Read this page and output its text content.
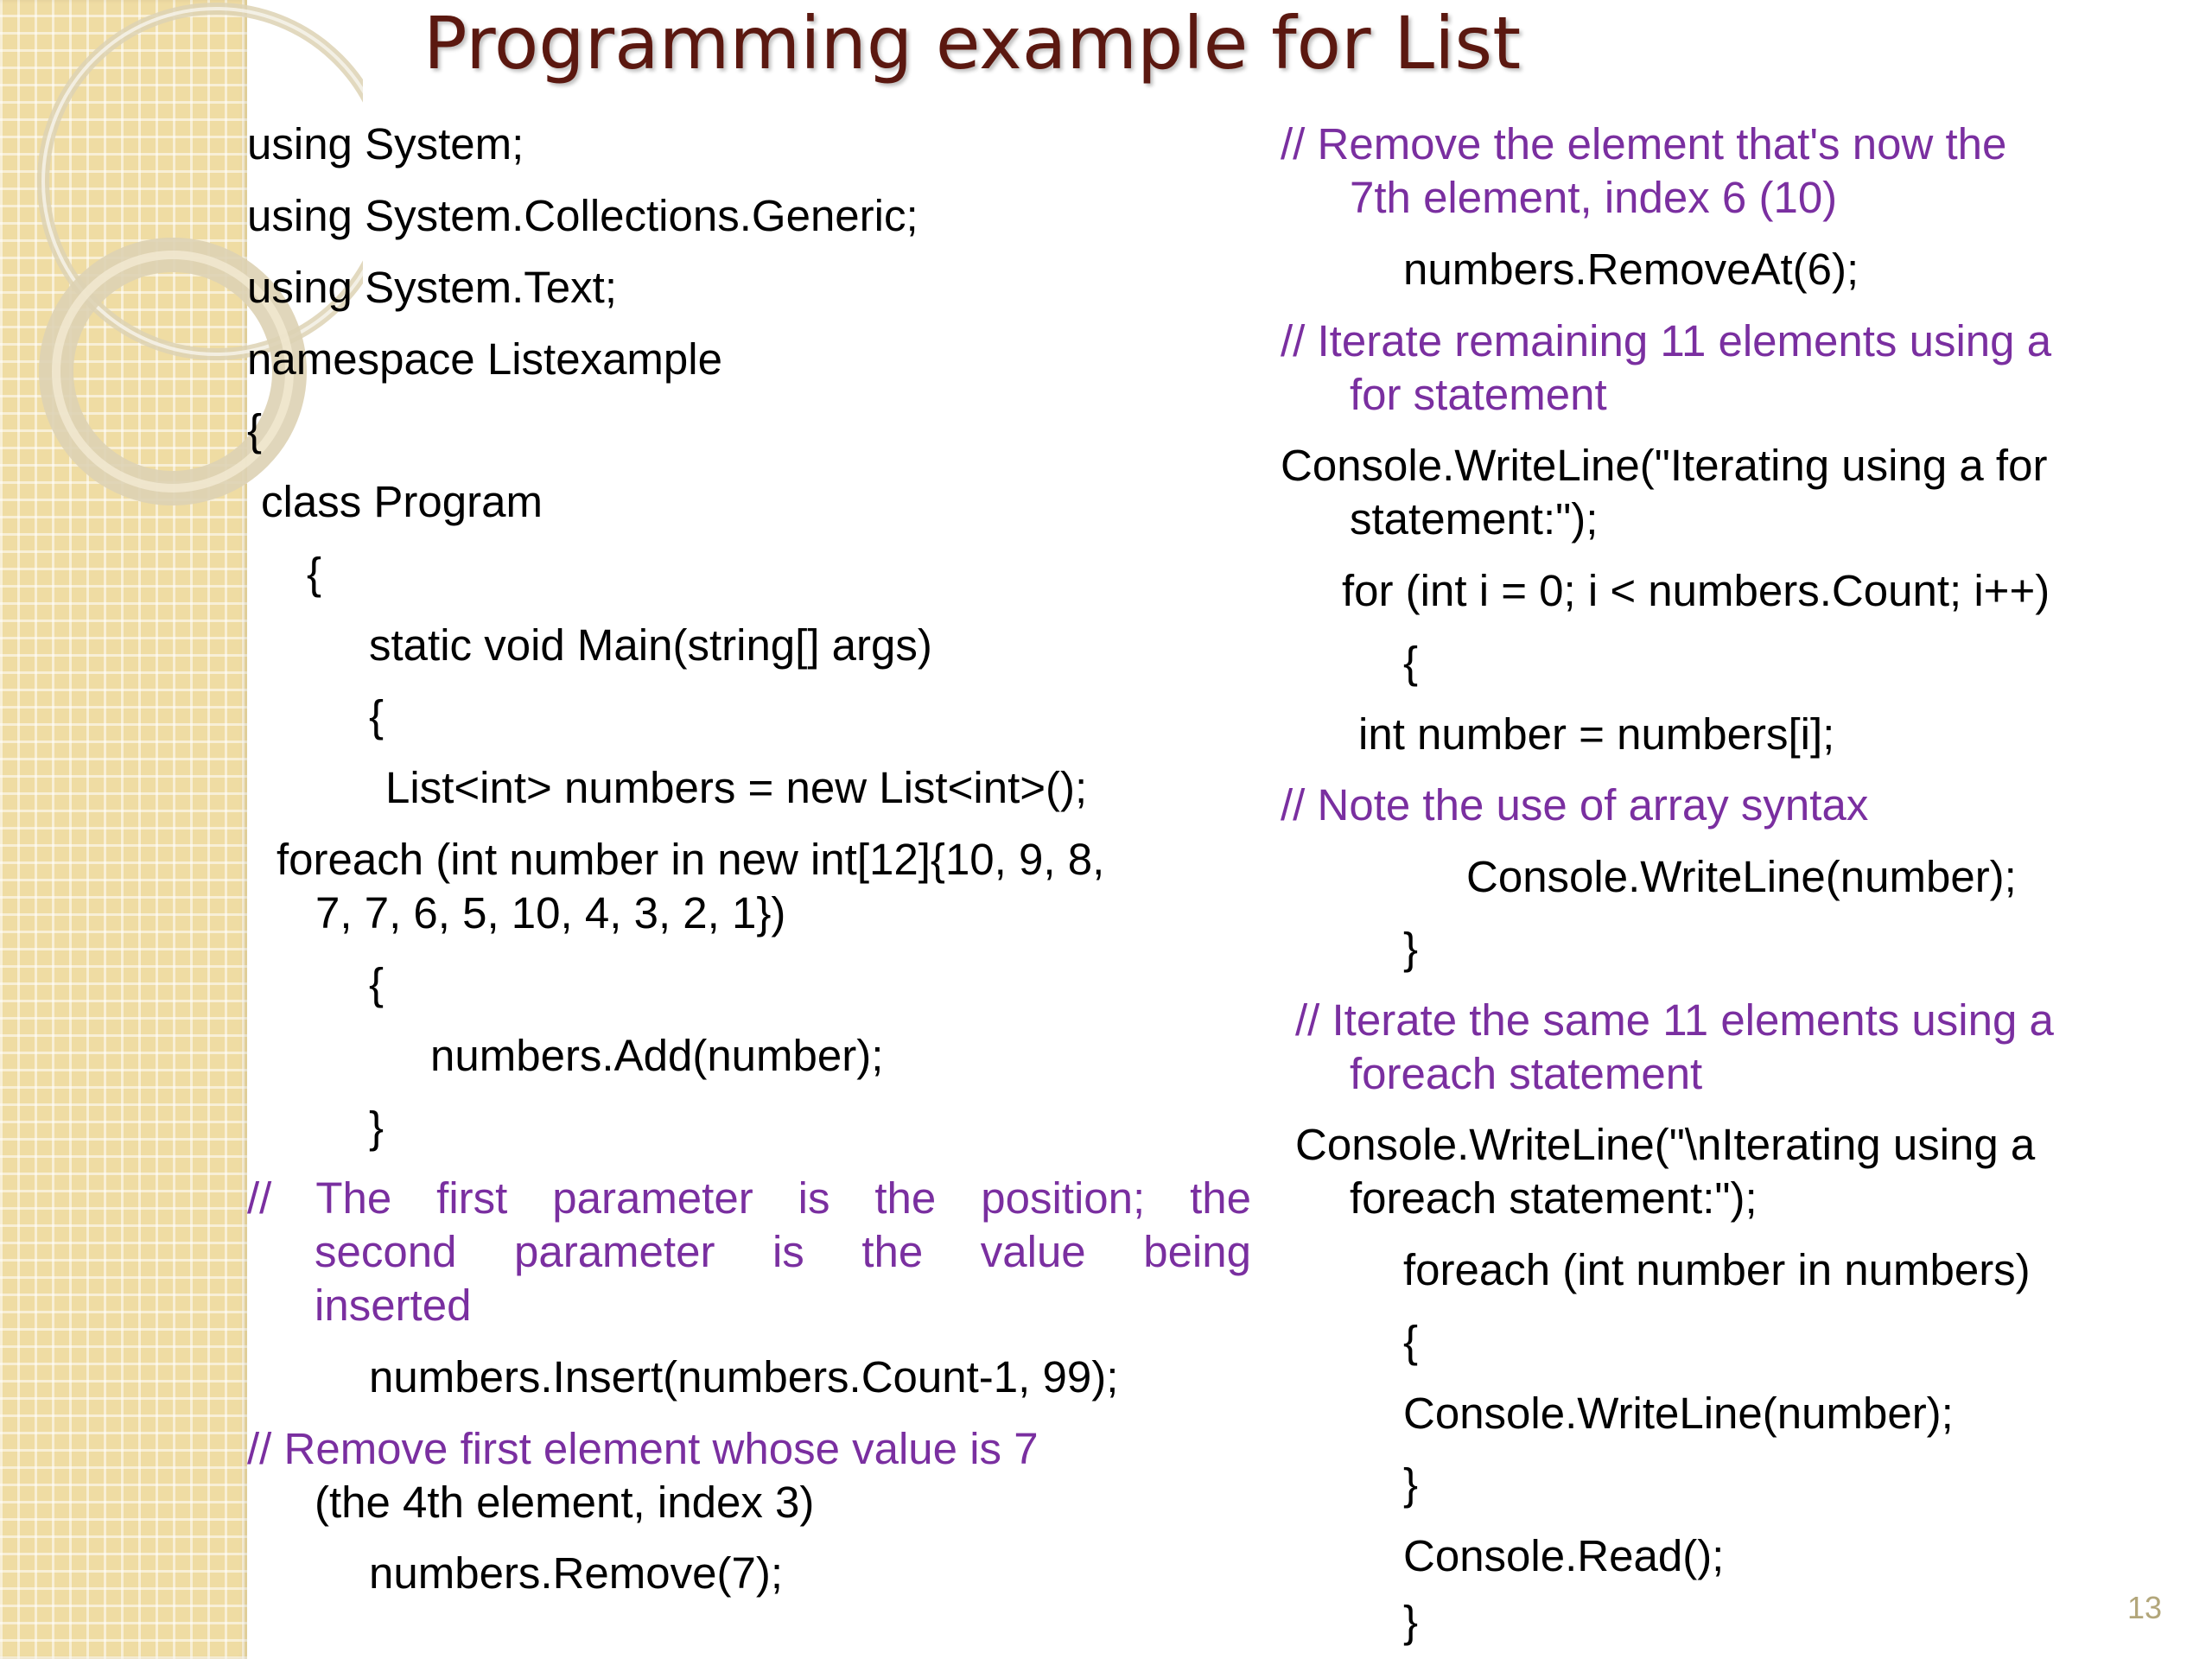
Programming example for List
using System;
using System.Collections.Generic;
using System.Text;
namespace Listexample
{
class Program
{
static void Main(string[] args)
{
List<int> numbers = new List<int>();
foreach (int number in new int[12]{10, 9, 8,
7, 7, 6, 5, 10, 4, 3, 2, 1})
{
numbers.Add(number);
}
// The first parameter is the position; the
second parameter is the value being
inserted
numbers.Insert(numbers.Count-1, 99);
// Remove first element whose value is 7
(the 4th element, index 3)
numbers.Remove(7);
// Remove the element that's now the
7th element, index 6 (10)
numbers.RemoveAt(6);
// Iterate remaining 11 elements using a
for statement
Console.WriteLine("Iterating using a for
statement:");
for (int i = 0; i < numbers.Count; i++)
{
int number = numbers[i];
// Note the use of array syntax
Console.WriteLine(number);
}
// Iterate the same 11 elements using a
foreach statement
Console.WriteLine("\nIterating using a
foreach statement:");
foreach (int number in numbers)
{
Console.WriteLine(number);
}
Console.Read();
}	13
